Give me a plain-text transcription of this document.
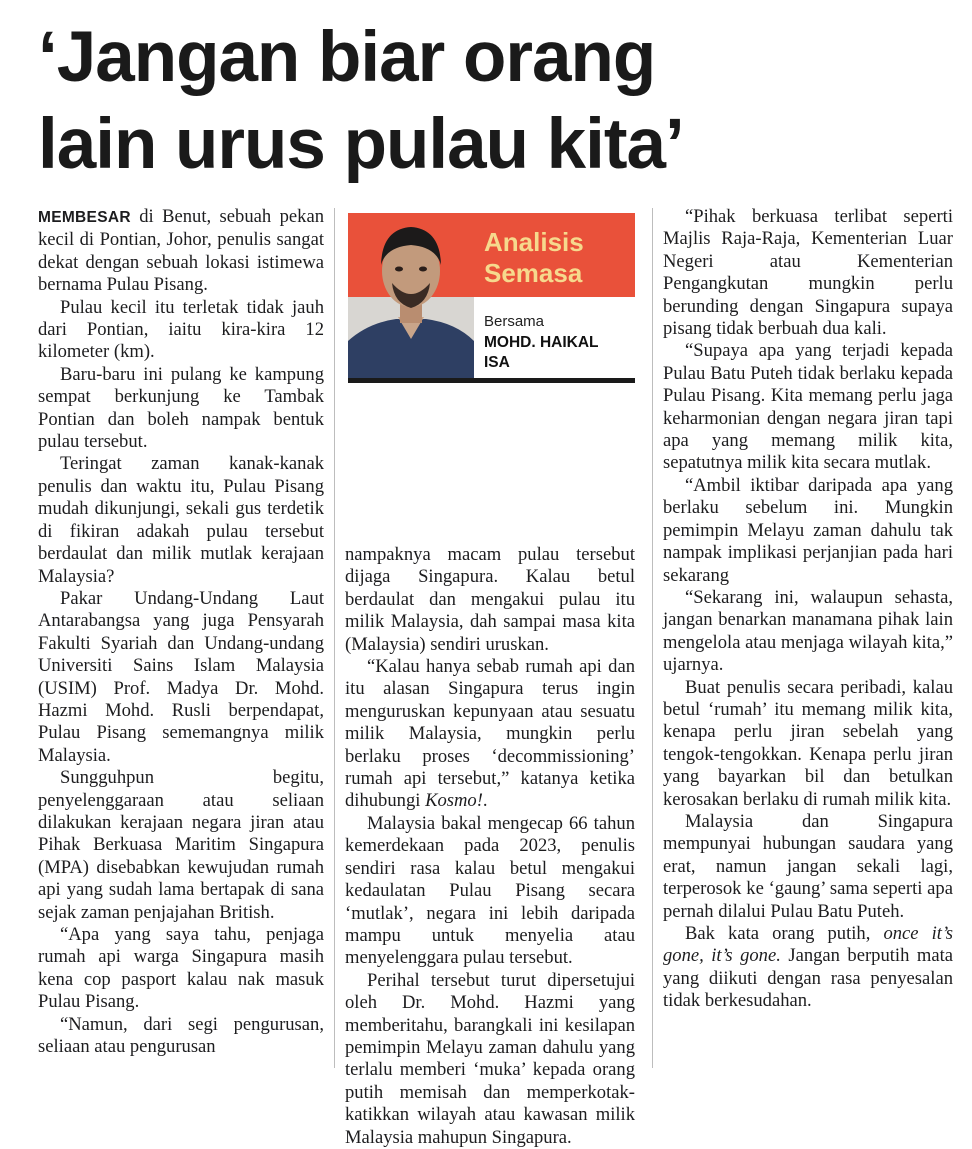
‘Jangan biar orang
lain urus pulau kita’

MEMBESAR di Benut, sebuah pekan kecil di Pontian, Johor, penulis sangat dekat dengan sebuah lokasi istimewa bernama Pulau Pisang.

Pulau kecil itu terletak tidak jauh dari Pontian, iaitu kira-kira 12 kilometer (km).

Baru-baru ini pulang ke kampung sempat berkunjung ke Tambak Pontian dan boleh nampak bentuk pulau tersebut.

Teringat zaman kanak-kanak penulis dan waktu itu, Pulau Pisang mudah dikunjungi, sekali gus terdetik di fikiran adakah pulau tersebut berdaulat dan milik mutlak kerajaan Malaysia?

Pakar Undang-Undang Laut Antarabangsa yang juga Pensyarah Fakulti Syariah dan Undang-undang Universiti Sains Islam Malaysia (USIM) Prof. Madya Dr. Mohd. Hazmi Mohd. Rusli berpendapat, Pulau Pisang sememangnya milik Malaysia.

Sungguhpun begitu, penyelenggaraan atau seliaan dilakukan kerajaan negara jiran atau Pihak Berkuasa Maritim Singapura (MPA) disebabkan kewujudan rumah api yang sudah lama bertapak di sana sejak zaman penjajahan British.

“Apa yang saya tahu, penjaga rumah api warga Singapura masih kena cop pasport kalau nak masuk Pulau Pisang.

“Namun, dari segi pengurusan, seliaan atau pengurusan

Analisis
Semasa
Bersama
MOHD. HAIKAL
ISA

nampaknya macam pulau tersebut dijaga Singapura. Kalau betul berdaulat dan mengakui pulau itu milik Malaysia, dah sampai masa kita (Malaysia) sendiri uruskan.

“Kalau hanya sebab rumah api dan itu alasan Singapura terus ingin menguruskan kepunyaan atau sesuatu milik Malaysia, mungkin perlu berlaku proses ‘decommissioning’ rumah api tersebut,” katanya ketika dihubungi Kosmo!.

Malaysia bakal mengecap 66 tahun kemerdekaan pada 2023, penulis sendiri rasa kalau betul mengakui kedaulatan Pulau Pisang secara ‘mutlak’, negara ini lebih daripada mampu untuk menyelia atau menyelenggara pulau tersebut.

Perihal tersebut turut dipersetujui oleh Dr. Mohd. Hazmi yang memberitahu, barangkali ini kesilapan pemimpin Melayu zaman dahulu yang terlalu memberi ‘muka’ kepada orang putih memisah dan memperkotak-katikkan wilayah atau kawasan milik Malaysia mahupun Singapura.

“Pihak berkuasa terlibat seperti Majlis Raja-Raja, Kementerian Luar Negeri atau Kementerian Pengangkutan mungkin perlu berunding dengan Singapura supaya pisang tidak berbuah dua kali.

“Supaya apa yang terjadi kepada Pulau Batu Puteh tidak berlaku kepada Pulau Pisang. Kita memang perlu jaga keharmonian dengan negara jiran tapi apa yang memang milik kita, sepatutnya milik kita secara mutlak.

“Ambil iktibar daripada apa yang berlaku sebelum ini. Mungkin pemimpin Melayu zaman dahulu tak nampak implikasi perjanjian pada hari sekarang

“Sekarang ini, walaupun sehasta, jangan benarkan manamana pihak lain mengelola atau menjaga wilayah kita,” ujarnya.

Buat penulis secara peribadi, kalau betul ‘rumah’ itu memang milik kita, kenapa perlu jiran sebelah yang tengok-tengokkan. Kenapa perlu jiran yang bayarkan bil dan betulkan kerosakan berlaku di rumah milik kita.

Malaysia dan Singapura mempunyai hubungan saudara yang erat, namun jangan sekali lagi, terperosok ke ‘gaung’ sama seperti apa pernah dilalui Pulau Batu Puteh.

Bak kata orang putih, once it’s gone, it’s gone. Jangan berputih mata yang diikuti dengan rasa penyesalan tidak berkesudahan.
